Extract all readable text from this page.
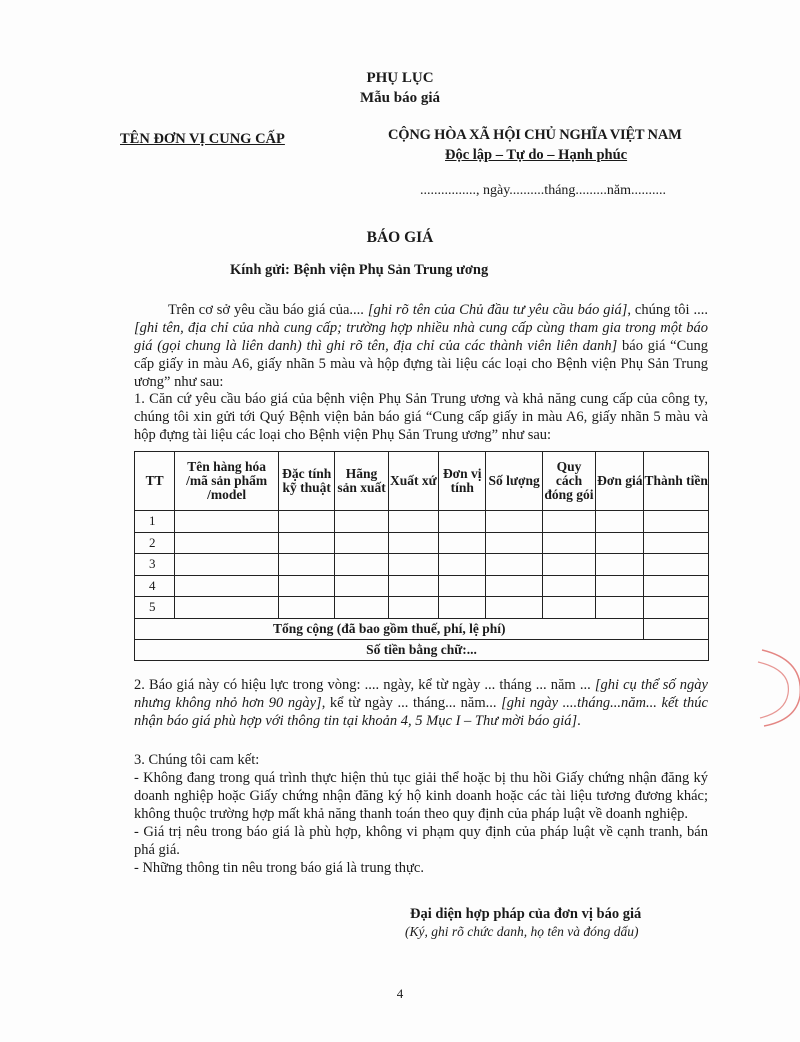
PHỤ LỤC
Mẫu báo giá
TÊN ĐƠN VỊ CUNG CẤP	CỘNG HÒA XÃ HỘI CHỦ NGHĨA VIỆT NAM
Độc lập – Tự do – Hạnh phúc
................, ngày..........tháng.........năm..........
BÁO GIÁ
Kính gửi: Bệnh viện Phụ Sản Trung ương
Trên cơ sở yêu cầu báo giá của.... [ghi rõ tên của Chủ đầu tư yêu cầu báo giá], chúng tôi .... [ghi tên, địa chỉ của nhà cung cấp; trường hợp nhiều nhà cung cấp cùng tham gia trong một báo giá (gọi chung là liên danh) thì ghi rõ tên, địa chỉ của các thành viên liên danh] báo giá “Cung cấp giấy in màu A6, giấy nhãn 5 màu và hộp đựng tài liệu các loại cho Bệnh viện Phụ Sản Trung ương” như sau:
1. Căn cứ yêu cầu báo giá của bệnh viện Phụ Sản Trung ương và khả năng cung cấp của công ty, chúng tôi xin gửi tới Quý Bệnh viện bản báo giá “Cung cấp giấy in màu A6, giấy nhãn 5 màu và hộp đựng tài liệu các loại cho Bệnh viện Phụ Sản Trung ương” như sau:
TT	Tên hàng hóa /mã sản phẩm /model	Đặc tính kỹ thuật	Hãng sản xuất	Xuất xứ	Đơn vị tính	Số lượng	Quy cách đóng gói	Đơn giá	Thành tiền
1									
2									
3									
4									
5									
Tổng cộng (đã bao gồm thuế, phí, lệ phí)									
Số tiền bằng chữ:...									
2. Báo giá này có hiệu lực trong vòng: .... ngày, kể từ ngày ... tháng ... năm ... [ghi cụ thể số ngày nhưng không nhỏ hơn 90 ngày], kể từ ngày ... tháng... năm... [ghi ngày ....tháng...năm... kết thúc nhận báo giá phù hợp với thông tin tại khoản 4, 5 Mục I – Thư mời báo giá].
3. Chúng tôi cam kết:
- Không đang trong quá trình thực hiện thủ tục giải thể hoặc bị thu hồi Giấy chứng nhận đăng ký doanh nghiệp hoặc Giấy chứng nhận đăng ký hộ kinh doanh hoặc các tài liệu tương đương khác; không thuộc trường hợp mất khả năng thanh toán theo quy định của pháp luật về doanh nghiệp.
- Giá trị nêu trong báo giá là phù hợp, không vi phạm quy định của pháp luật về cạnh tranh, bán phá giá.
- Những thông tin nêu trong báo giá là trung thực.
Đại diện hợp pháp của đơn vị báo giá
(Ký, ghi rõ chức danh, họ tên và đóng dấu)
4
